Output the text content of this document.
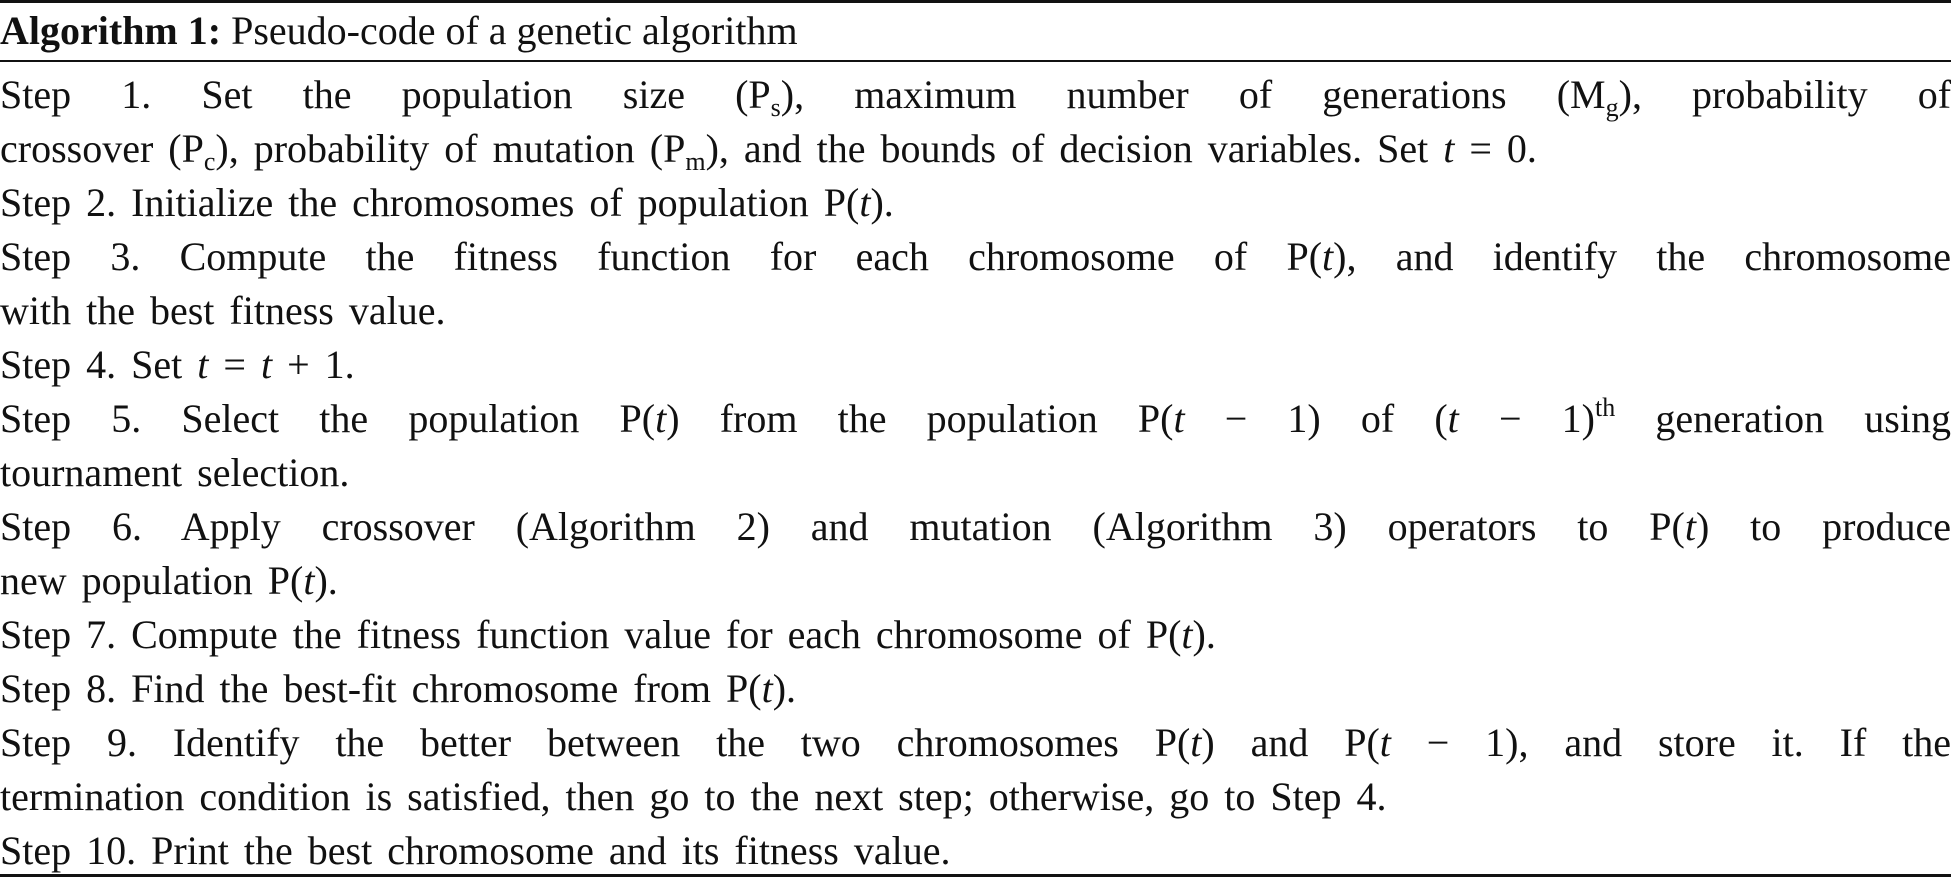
Algorithm 1: Pseudo-code of a genetic algorithm
Step 1. Set the population size $(P_s)$, maximum number of generations $(M_g)$, probability of
crossover $(P_c)$, probability of mutation $(P_m)$, and the bounds of decision variables. Set t = 0.
Step 2. Initialize the chromosomes of population P(t).
Step 3. Compute the fitness function for each chromosome of P(t), and identify the chromosome
with the best fitness value.
Step 4. Set t = t + 1.
Step 5. Select the population P(t) from the population P(t − 1) of $(t - 1)^{th}$ generation using
tournament selection.
Step 6. Apply crossover (Algorithm 2) and mutation (Algorithm 3) operators to P(t) to produce
new population P(t).
Step 7. Compute the fitness function value for each chromosome of P(t).
Step 8. Find the best-fit chromosome from P(t).
Step 9. Identify the better between the two chromosomes P(t) and P(t − 1), and store it. If the
termination condition is satisfied, then go to the next step; otherwise, go to Step 4.
Step 10. Print the best chromosome and its fitness value.
